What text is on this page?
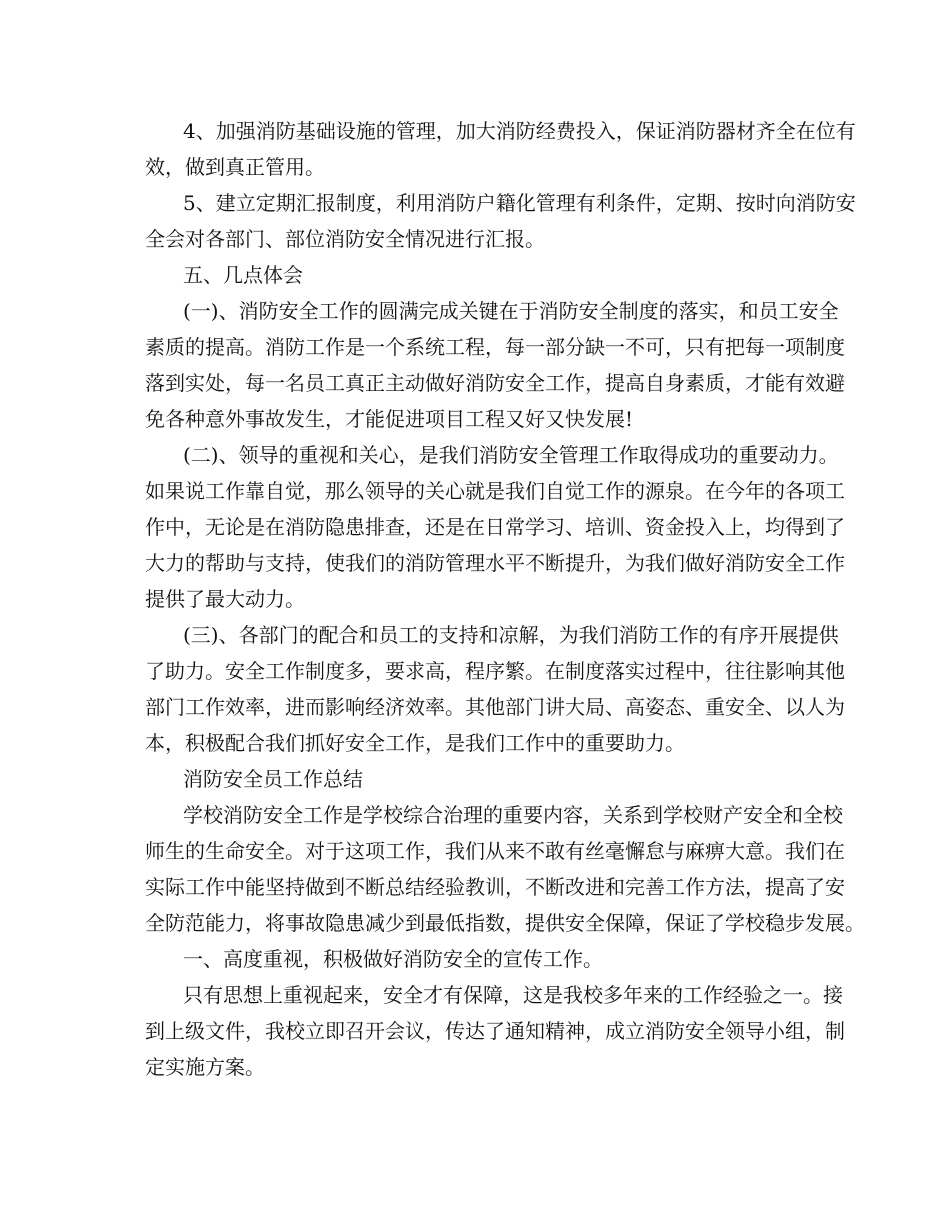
4、加强消防基础设施的管理，加大消防经费投入，保证消防器材齐全在位有
效，做到真正管用。
5、建立定期汇报制度，利用消防户籍化管理有利条件，定期、按时向消防安
全会对各部门、部位消防安全情况进行汇报。
五、几点体会
(一)、消防安全工作的圆满完成关键在于消防安全制度的落实，和员工安全
素质的提高。消防工作是一个系统工程，每一部分缺一不可，只有把每一项制度
落到实处，每一名员工真正主动做好消防安全工作，提高自身素质，才能有效避
免各种意外事故发生，才能促进项目工程又好又快发展!
(二)、领导的重视和关心，是我们消防安全管理工作取得成功的重要动力。
如果说工作靠自觉，那么领导的关心就是我们自觉工作的源泉。在今年的各项工
作中，无论是在消防隐患排查，还是在日常学习、培训、资金投入上，均得到了
大力的帮助与支持，使我们的消防管理水平不断提升，为我们做好消防安全工作
提供了最大动力。
(三)、各部门的配合和员工的支持和凉解，为我们消防工作的有序开展提供
了助力。安全工作制度多，要求高，程序繁。在制度落实过程中，往往影响其他
部门工作效率，进而影响经济效率。其他部门讲大局、高姿态、重安全、以人为
本，积极配合我们抓好安全工作，是我们工作中的重要助力。
消防安全员工作总结
学校消防安全工作是学校综合治理的重要内容，关系到学校财产安全和全校
师生的生命安全。对于这项工作，我们从来不敢有丝毫懈怠与麻痹大意。我们在
实际工作中能坚持做到不断总结经验教训，不断改进和完善工作方法，提高了安
全防范能力，将事故隐患减少到最低指数，提供安全保障，保证了学校稳步发展。
一、高度重视，积极做好消防安全的宣传工作。
只有思想上重视起来，安全才有保障，这是我校多年来的工作经验之一。接
到上级文件，我校立即召开会议，传达了通知精神，成立消防安全领导小组，制
定实施方案。
